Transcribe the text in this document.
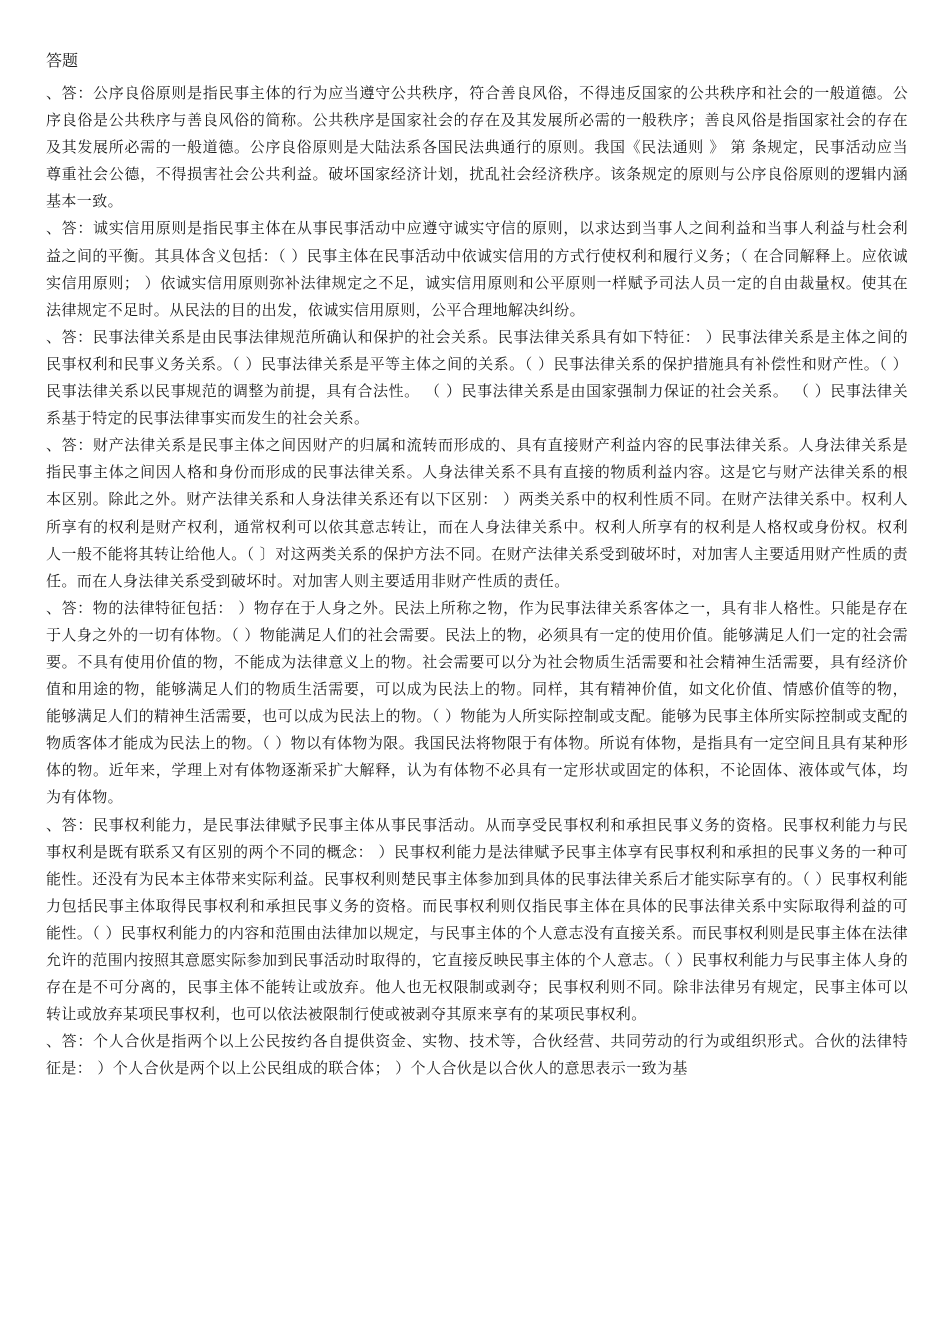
答题

、答：公序良俗原则是指民事主体的行为应当遵守公共秩序，符合善良风俗，不得违反国家的公共秩序和社会的一般道德。公序良俗是公共秩序与善良风俗的简称。公共秩序是国家社会的存在及其发展所必需的一般秩序；善良风俗是指国家社会的存在及其发展所必需的一般道德。公序良俗原则是大陆法系各国民法典通行的原则。我国《民法通则 》 第 条规定，民事活动应当尊重社会公德，不得损害社会公共利益。破坏国家经济计划，扰乱社会经济秩序。该条规定的原则与公序良俗原则的逻辑内涵基本一致。

、答：诚实信用原则是指民事主体在从事民事活动中应遵守诚实守信的原则，以求达到当事人之间利益和当事人利益与杜会利益之间的平衡。其具体含义包括：（ ）民事主体在民事活动中依诚实信用的方式行使权利和履行义务；（ 在合同解释上。应依诚实信用原则； ）依诚实信用原则弥补法律规定之不足，诚实信用原则和公平原则一样赋予司法人员一定的自由裁量权。使其在法律规定不足时。从民法的目的出发，依诚实信用原则，公平合理地解决纠纷。

、答：民事法律关系是由民事法律规范所确认和保护的社会关系。民事法律关系具有如下特征： ）民事法律关系是主体之间的民事权利和民事义务关系。（ ）民事法律关系是平等主体之间的关系。（ ）民事法律关系的保护措施具有补偿性和财产性。（ ）民事法律关系以民事规范的调整为前提，具有合法性。 （ ）民事法律关系是由国家强制力保证的社会关系。 （ ）民事法律关系基于特定的民事法律事实而发生的社会关系。

、答：财产法律关系是民事主体之间因财产的归属和流转而形成的、具有直接财产利益内容的民事法律关系。人身法律关系是指民事主体之间因人格和身份而形成的民事法律关系。人身法律关系不具有直接的物质利益内容。这是它与财产法律关系的根本区别。除此之外。财产法律关系和人身法律关系还有以下区别： ）两类关系中的权利性质不同。在财产法律关系中。权利人所享有的权利是财产权利，通常权利可以依其意志转让，而在人身法律关系中。权利人所享有的权利是人格权或身份权。权利人一般不能将其转让给他人。（ 〕对这两类关系的保护方法不同。在财产法律关系受到破坏时，对加害人主要适用财产性质的责任。而在人身法律关系受到破坏时。对加害人则主要适用非财产性质的责任。

、答：物的法律特征包括： ）物存在于人身之外。民法上所称之物，作为民事法律关系客体之一，具有非人格性。只能是存在于人身之外的一切有体物。（ ）物能满足人们的社会需要。民法上的物，必须具有一定的使用价值。能够满足人们一定的社会需要。不具有使用价值的物，不能成为法律意义上的物。社会需要可以分为社会物质生活需要和社会精神生活需要，具有经济价值和用途的物，能够满足人们的物质生活需要，可以成为民法上的物。同样，其有精神价值，如文化价值、情感价值等的物，能够满足人们的精神生活需要，也可以成为民法上的物。（ ）物能为人所实际控制或支配。能够为民事主体所实际控制或支配的物质客体才能成为民法上的物。（ ）物以有体物为限。我国民法将物限于有体物。所说有体物，是指具有一定空间且具有某种形体的物。近年来，学理上对有体物逐渐采扩大解释，认为有体物不必具有一定形状或固定的体积，不论固体、液体或气体，均为有体物。

、答：民事权利能力，是民事法律赋予民事主体从事民事活动。从而享受民事权利和承担民事义务的资格。民事权利能力与民事权利是既有联系又有区别的两个不同的概念： ）民事权利能力是法律赋予民事主体享有民事权利和承担的民事义务的一种可能性。还没有为民本主体带来实际利益。民事权利则楚民事主体参加到具体的民事法律关系后才能实际享有的。（ ）民事权利能力包括民事主体取得民事权利和承担民事义务的资格。而民事权利则仅指民事主体在具体的民事法律关系中实际取得利益的可能性。（ ）民事权利能力的内容和范围由法律加以规定，与民事主体的个人意志没有直接关系。而民事权利则是民事主体在法律允许的范围内按照其意愿实际参加到民事活动时取得的，它直接反映民事主体的个人意志。（ ）民事权利能力与民事主体人身的存在是不可分离的，民事主体不能转让或放弃。他人也无权限制或剥夺；民事权利则不同。除非法律另有规定，民事主体可以转让或放弃某项民事权利，也可以依法被限制行使或被剥夺其原来享有的某项民事权利。

、答：个人合伙是指两个以上公民按约各自提供资金、实物、技术等，合伙经营、共同劳动的行为或组织形式。合伙的法律特征是： ）个人合伙是两个以上公民组成的联合体； ）个人合伙是以合伙人的意思表示一致为基
